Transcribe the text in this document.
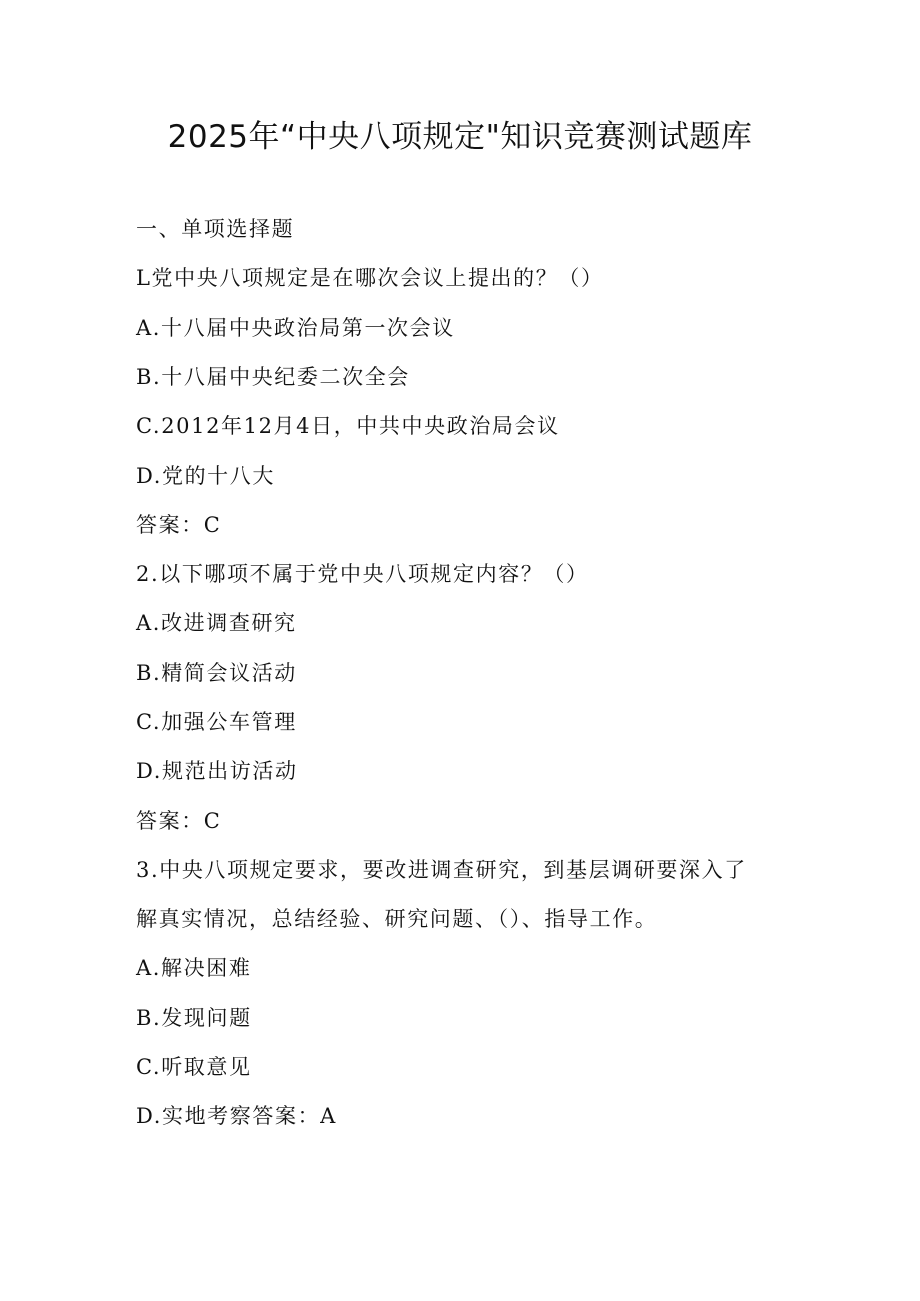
2025年“中央八项规定"知识竞赛测试题库
一、单项选择题
L党中央八项规定是在哪次会议上提出的？（）
A.十八届中央政治局第一次会议
B.十八届中央纪委二次全会
C.2012年12月4日，中共中央政治局会议
D.党的十八大
答案：C
2.以下哪项不属于党中央八项规定内容？（）
A.改进调查研究
B.精简会议活动
C.加强公车管理
D.规范出访活动
答案：C
3.中央八项规定要求，要改进调查研究，到基层调研要深入了
解真实情况，总结经验、研究问题、（）、指导工作。
A.解决困难
B.发现问题
C.听取意见
D.实地考察答案：A
